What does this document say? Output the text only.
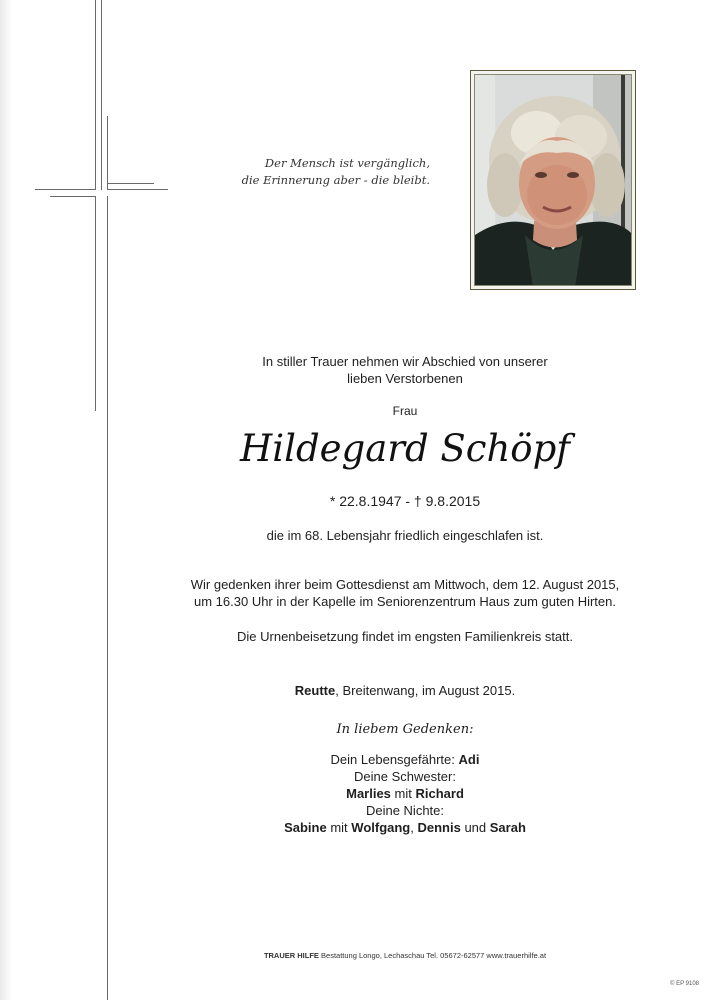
Der Mensch ist vergänglich,
die Erinnerung aber - die bleibt.
In stiller Trauer nehmen wir Abschied von unserer
lieben Verstorbenen
Frau
Hildegard Schöpf
* 22.8.1947 - † 9.8.2015
die im 68. Lebensjahr friedlich eingeschlafen ist.
Wir gedenken ihrer beim Gottesdienst am Mittwoch, dem 12. August 2015,
um 16.30 Uhr in der Kapelle im Seniorenzentrum Haus zum guten Hirten.
Die Urnenbeisetzung findet im engsten Familienkreis statt.
Reutte, Breitenwang, im August 2015.
In liebem Gedenken:
Dein Lebensgefährte: Adi
Deine Schwester:
Marlies mit Richard
Deine Nichte:
Sabine mit Wolfgang, Dennis und Sarah
TRAUER HILFE Bestattung Longo, Lechaschau Tel. 05672-62577 www.trauerhilfe.at
© EP 9108
